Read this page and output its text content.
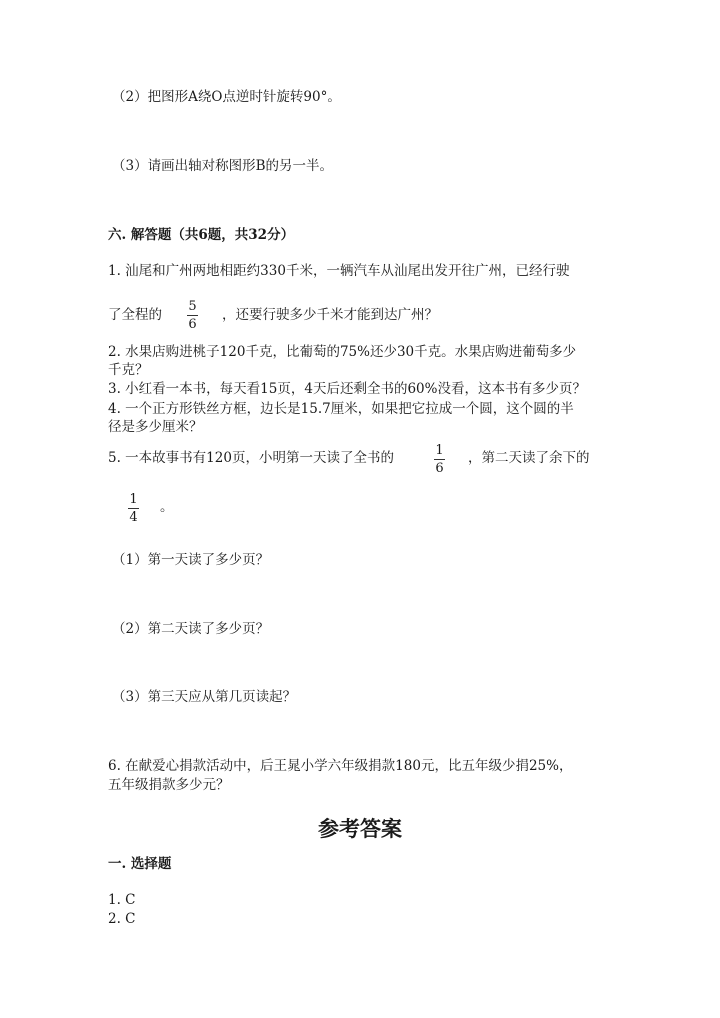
（2）把图形A绕O点逆时针旋转90°。
（3）请画出轴对称图形B的另一半。
六. 解答题（共6题，共32分）
1. 汕尾和广州两地相距约330千米，一辆汽车从汕尾出发开往广州，已经行驶
了全程的
5
6
，还要行驶多少千米才能到达广州？
2. 水果店购进桃子120千克，比葡萄的75%还少30千克。水果店购进葡萄多少
千克？
3. 小红看一本书，每天看15页，4天后还剩全书的60%没看，这本书有多少页？
4. 一个正方形铁丝方框，边长是15.7厘米，如果把它拉成一个圆，这个圆的半
径是多少厘米？
5. 一本故事书有120页，小明第一天读了全书的	1
6
，第二天读了余下的
1
4
。
（1）第一天读了多少页？
（2）第二天读了多少页？
（3）第三天应从第几页读起？
6. 在献爱心捐款活动中，后王晁小学六年级捐款180元，比五年级少捐25%，
五年级捐款多少元？
参考答案
一. 选择题
1. C
2. C
